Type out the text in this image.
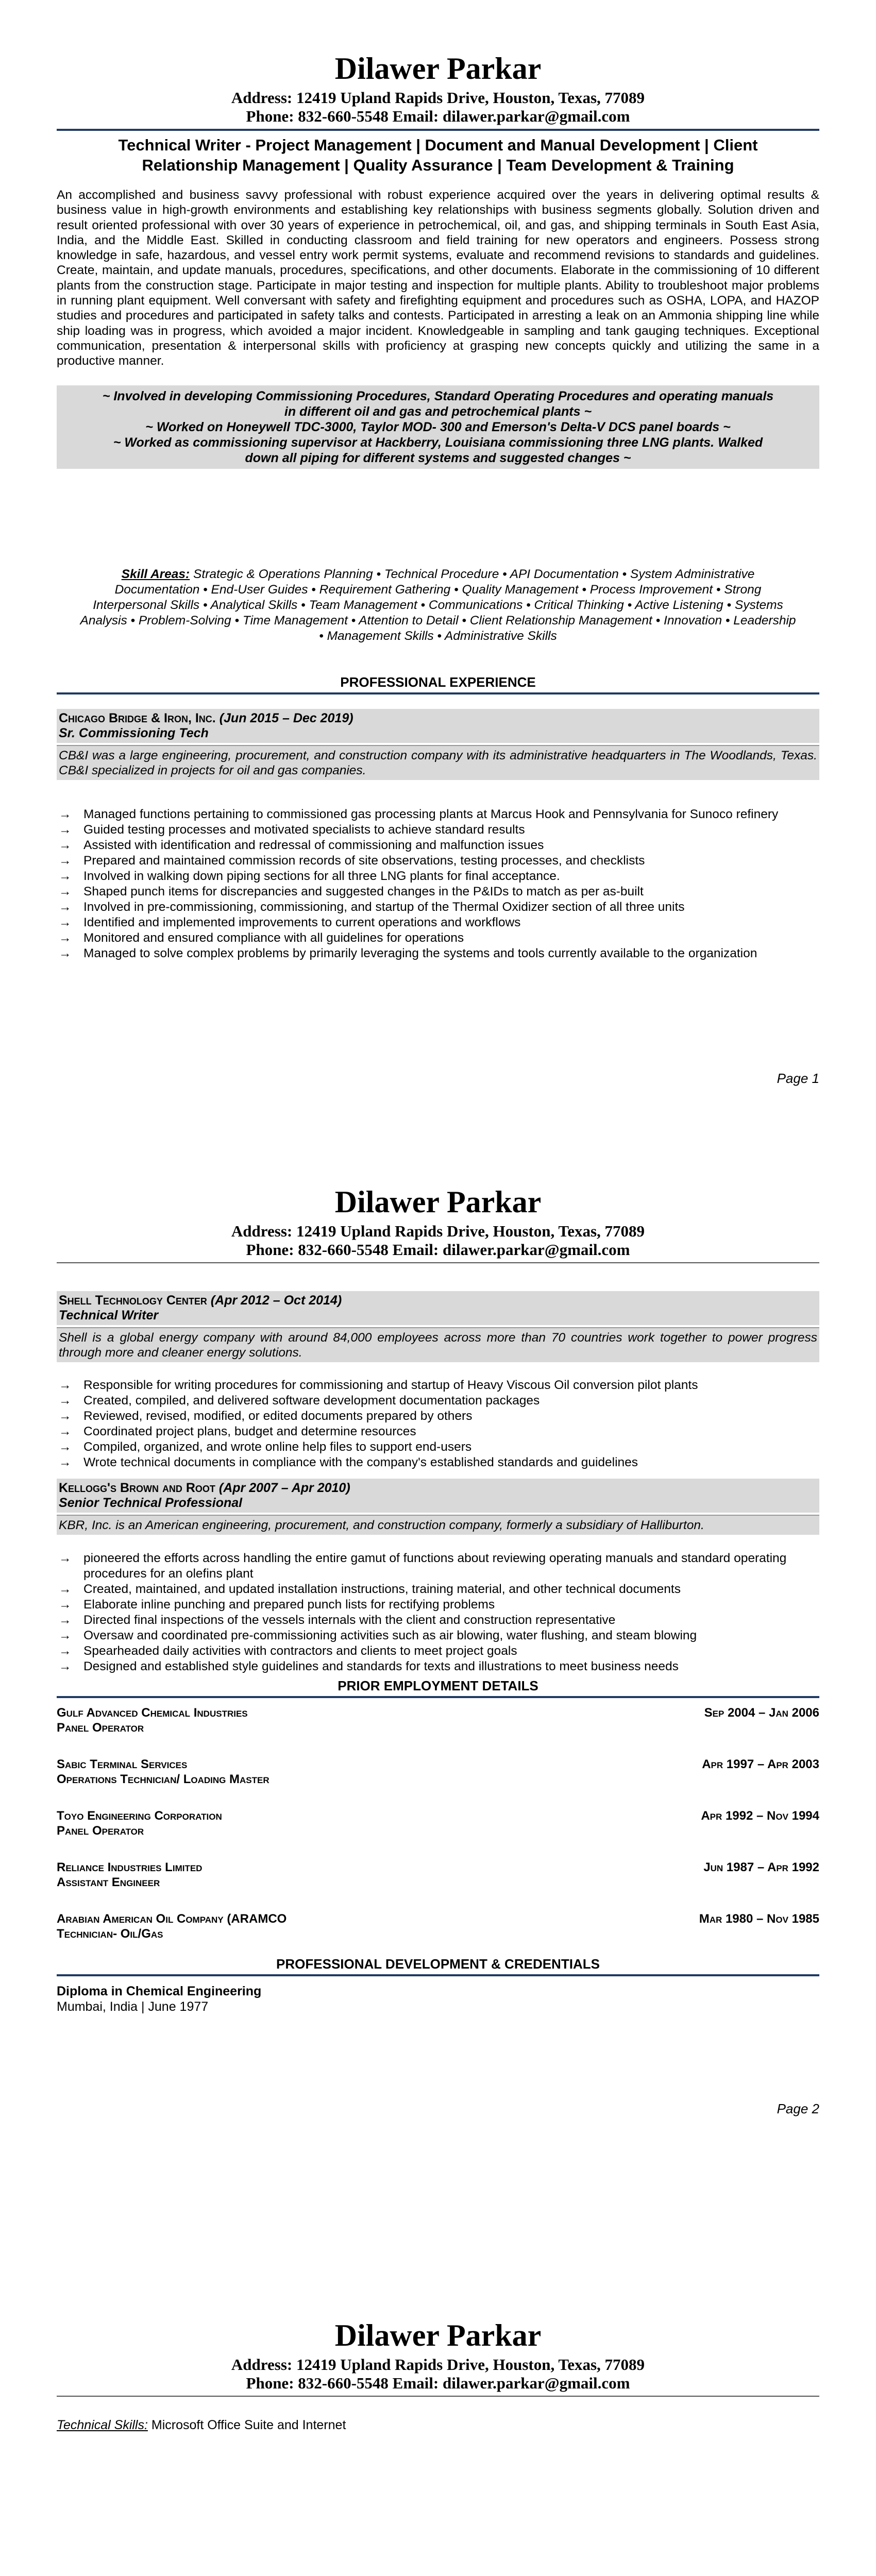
Dilawer Parkar
Address: 12419 Upland Rapids Drive, Houston, Texas, 77089
Phone: 832-660-5548 Email: dilawer.parkar@gmail.com
Technical Writer - Project Management | Document and Manual Development | Client
Relationship Management | Quality Assurance | Team Development & Training
An accomplished and business savvy professional with robust experience acquired over the years in delivering optimal results & business value in high-growth environments and establishing key relationships with business segments globally. Solution driven and result oriented professional with over 30 years of experience in petrochemical, oil, and gas, and shipping terminals in South East Asia, India, and the Middle East. Skilled in conducting classroom and field training for new operators and engineers. Possess strong knowledge in safe, hazardous, and vessel entry work permit systems, evaluate and recommend revisions to standards and guidelines. Create, maintain, and update manuals, procedures, specifications, and other documents. Elaborate in the commissioning of 10 different plants from the construction stage. Participate in major testing and inspection for multiple plants. Ability to troubleshoot major problems in running plant equipment. Well conversant with safety and firefighting equipment and procedures such as OSHA, LOPA, and HAZOP studies and procedures and participated in safety talks and contests. Participated in arresting a leak on an Ammonia shipping line while ship loading was in progress, which avoided a major incident. Knowledgeable in sampling and tank gauging techniques. Exceptional communication, presentation & interpersonal skills with proficiency at grasping new concepts quickly and utilizing the same in a productive manner.
~ Involved in developing Commissioning Procedures, Standard Operating Procedures and operating manuals
in different oil and gas and petrochemical plants ~
~ Worked on Honeywell TDC-3000, Taylor MOD- 300 and Emerson's Delta-V DCS panel boards ~
~ Worked as commissioning supervisor at Hackberry, Louisiana commissioning three LNG plants. Walked
down all piping for different systems and suggested changes ~
Skill Areas: Strategic & Operations Planning • Technical Procedure • API Documentation • System Administrative Documentation • End-User Guides • Requirement Gathering • Quality Management • Process Improvement • Strong Interpersonal Skills • Analytical Skills • Team Management • Communications • Critical Thinking • Active Listening • Systems Analysis • Problem-Solving • Time Management • Attention to Detail • Client Relationship Management • Innovation • Leadership • Management Skills • Administrative Skills
PROFESSIONAL EXPERIENCE
Chicago Bridge & Iron, Inc. (Jun 2015 – Dec 2019)
Sr. Commissioning Tech
CB&I was a large engineering, procurement, and construction company with its administrative headquarters in The Woodlands, Texas. CB&I specialized in projects for oil and gas companies.
→ Managed functions pertaining to commissioned gas processing plants at Marcus Hook and Pennsylvania for Sunoco refinery
→ Guided testing processes and motivated specialists to achieve standard results
→ Assisted with identification and redressal of commissioning and malfunction issues
→ Prepared and maintained commission records of site observations, testing processes, and checklists
→ Involved in walking down piping sections for all three LNG plants for final acceptance.
→ Shaped punch items for discrepancies and suggested changes in the P&IDs to match as per as-built
→ Involved in pre-commissioning, commissioning, and startup of the Thermal Oxidizer section of all three units
→ Identified and implemented improvements to current operations and workflows
→ Monitored and ensured compliance with all guidelines for operations
→ Managed to solve complex problems by primarily leveraging the systems and tools currently available to the organization
Page 1
Dilawer Parkar
Address: 12419 Upland Rapids Drive, Houston, Texas, 77089
Phone: 832-660-5548 Email: dilawer.parkar@gmail.com
Shell Technology Center (Apr 2012 – Oct 2014)
Technical Writer
Shell is a global energy company with around 84,000 employees across more than 70 countries work together to power progress through more and cleaner energy solutions.
→ Responsible for writing procedures for commissioning and startup of Heavy Viscous Oil conversion pilot plants
→ Created, compiled, and delivered software development documentation packages
→ Reviewed, revised, modified, or edited documents prepared by others
→ Coordinated project plans, budget and determine resources
→ Compiled, organized, and wrote online help files to support end-users
→ Wrote technical documents in compliance with the company's established standards and guidelines
Kellogg's Brown and Root (Apr 2007 – Apr 2010)
Senior Technical Professional
KBR, Inc. is an American engineering, procurement, and construction company, formerly a subsidiary of Halliburton.
→ pioneered the efforts across handling the entire gamut of functions about reviewing operating manuals and standard operating procedures for an olefins plant
→ Created, maintained, and updated installation instructions, training material, and other technical documents
→ Elaborate inline punching and prepared punch lists for rectifying problems
→ Directed final inspections of the vessels internals with the client and construction representative
→ Oversaw and coordinated pre-commissioning activities such as air blowing, water flushing, and steam blowing
→ Spearheaded daily activities with contractors and clients to meet project goals
→ Designed and established style guidelines and standards for texts and illustrations to meet business needs
PRIOR EMPLOYMENT DETAILS
Gulf Advanced Chemical Industries	Sep 2004 – Jan 2006
Panel Operator
Sabic Terminal Services	Apr 1997 – Apr 2003
Operations Technician/ Loading Master
Toyo Engineering Corporation	Apr 1992 – Nov 1994
Panel Operator
Reliance Industries Limited	Jun 1987 – Apr 1992
Assistant Engineer
Arabian American Oil Company (ARAMCO	Mar 1980 – Nov 1985
Technician- Oil/Gas
PROFESSIONAL DEVELOPMENT & CREDENTIALS
Diploma in Chemical Engineering
Mumbai, India | June 1977
Page 2
Dilawer Parkar
Address: 12419 Upland Rapids Drive, Houston, Texas, 77089
Phone: 832-660-5548 Email: dilawer.parkar@gmail.com
Technical Skills: Microsoft Office Suite and Internet
